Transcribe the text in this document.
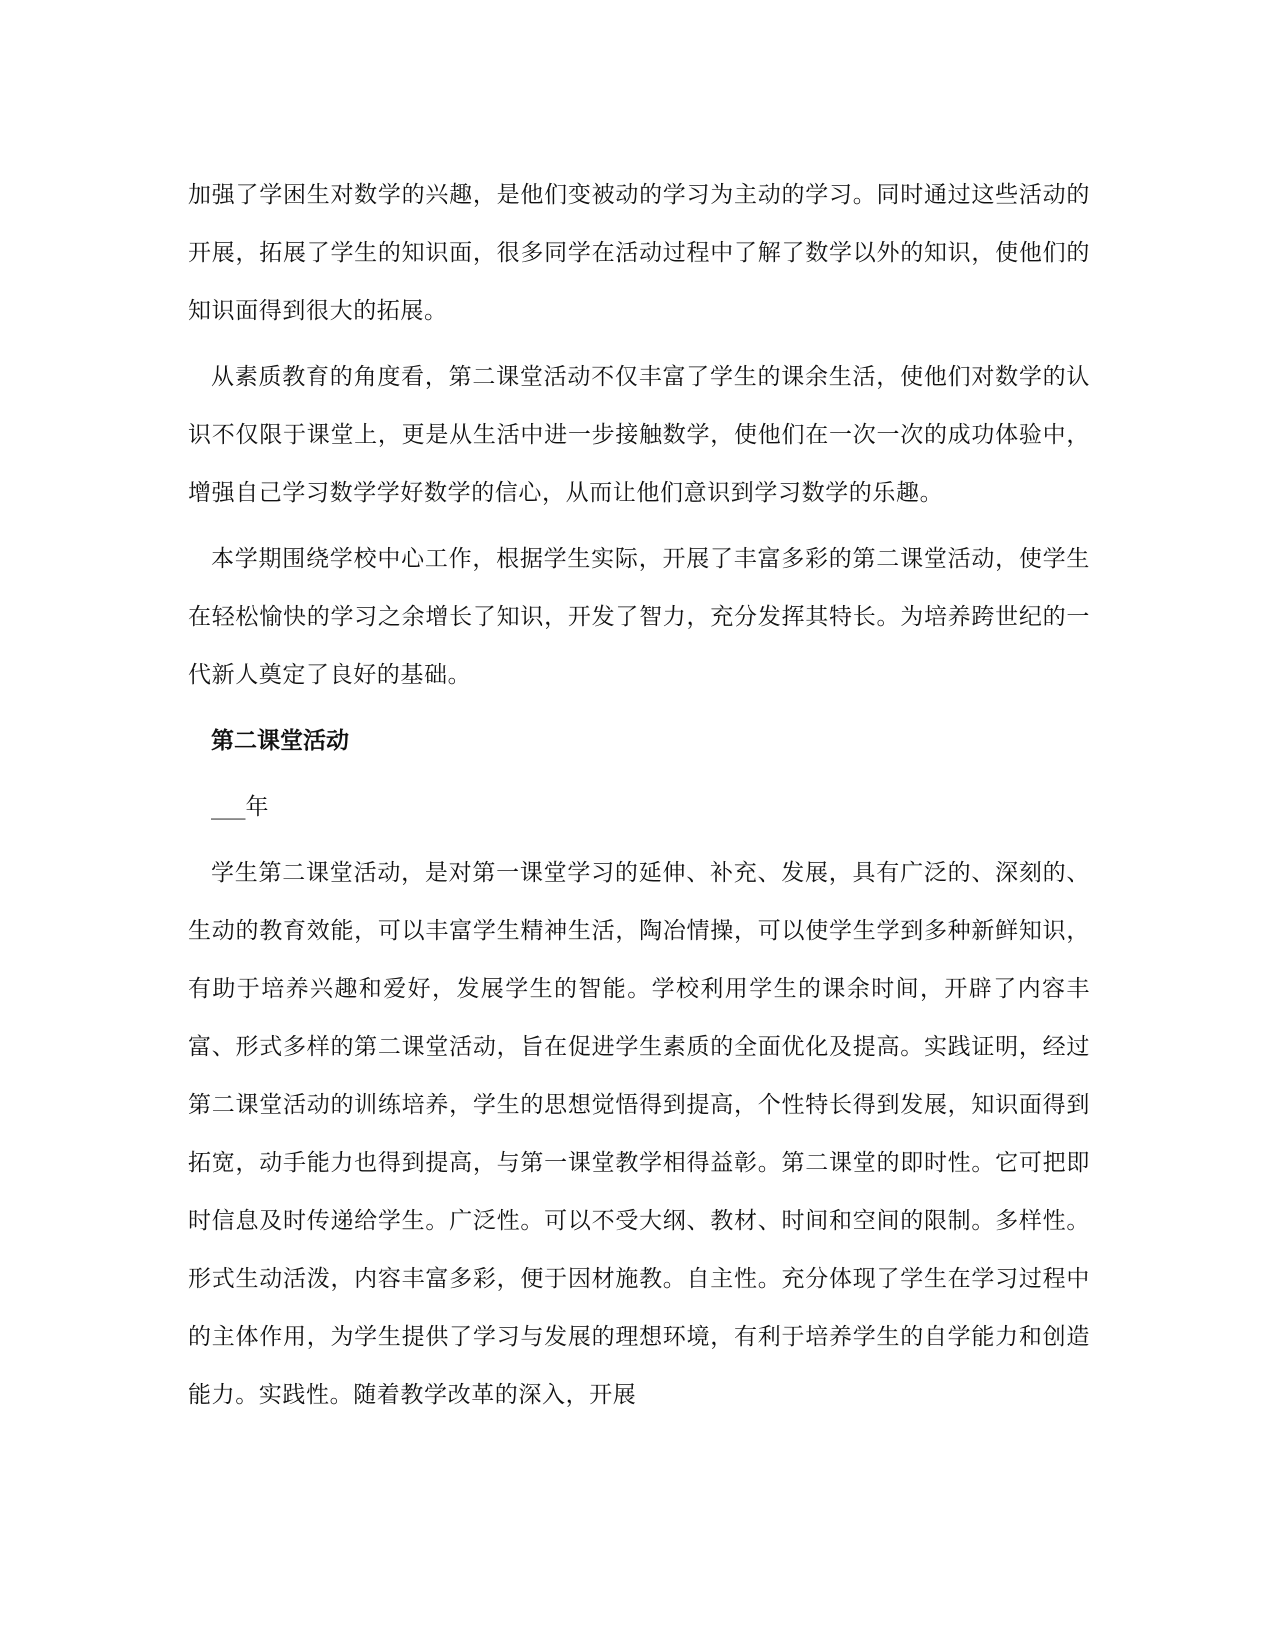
加强了学困生对数学的兴趣，是他们变被动的学习为主动的学习。同时通过这些活动的开展，拓展了学生的知识面，很多同学在活动过程中了解了数学以外的知识，使他们的知识面得到很大的拓展。

从素质教育的角度看，第二课堂活动不仅丰富了学生的课余生活，使他们对数学的认识不仅限于课堂上，更是从生活中进一步接触数学，使他们在一次一次的成功体验中，增强自己学习数学学好数学的信心，从而让他们意识到学习数学的乐趣。

本学期围绕学校中心工作，根据学生实际，开展了丰富多彩的第二课堂活动，使学生在轻松愉快的学习之余增长了知识，开发了智力，充分发挥其特长。为培养跨世纪的一代新人奠定了良好的基础。

第二课堂活动
___年

学生第二课堂活动，是对第一课堂学习的延伸、补充、发展，具有广泛的、深刻的、生动的教育效能，可以丰富学生精神生活，陶冶情操，可以使学生学到多种新鲜知识，有助于培养兴趣和爱好，发展学生的智能。学校利用学生的课余时间，开辟了内容丰富、形式多样的第二课堂活动，旨在促进学生素质的全面优化及提高。实践证明，经过第二课堂活动的训练培养，学生的思想觉悟得到提高，个性特长得到发展，知识面得到拓宽，动手能力也得到提高，与第一课堂教学相得益彰。第二课堂的即时性。它可把即时信息及时传递给学生。广泛性。可以不受大纲、教材、时间和空间的限制。多样性。形式生动活泼，内容丰富多彩，便于因材施教。自主性。充分体现了学生在学习过程中的主体作用，为学生提供了学习与发展的理想环境，有利于培养学生的自学能力和创造能力。实践性。随着教学改革的深入，开展
